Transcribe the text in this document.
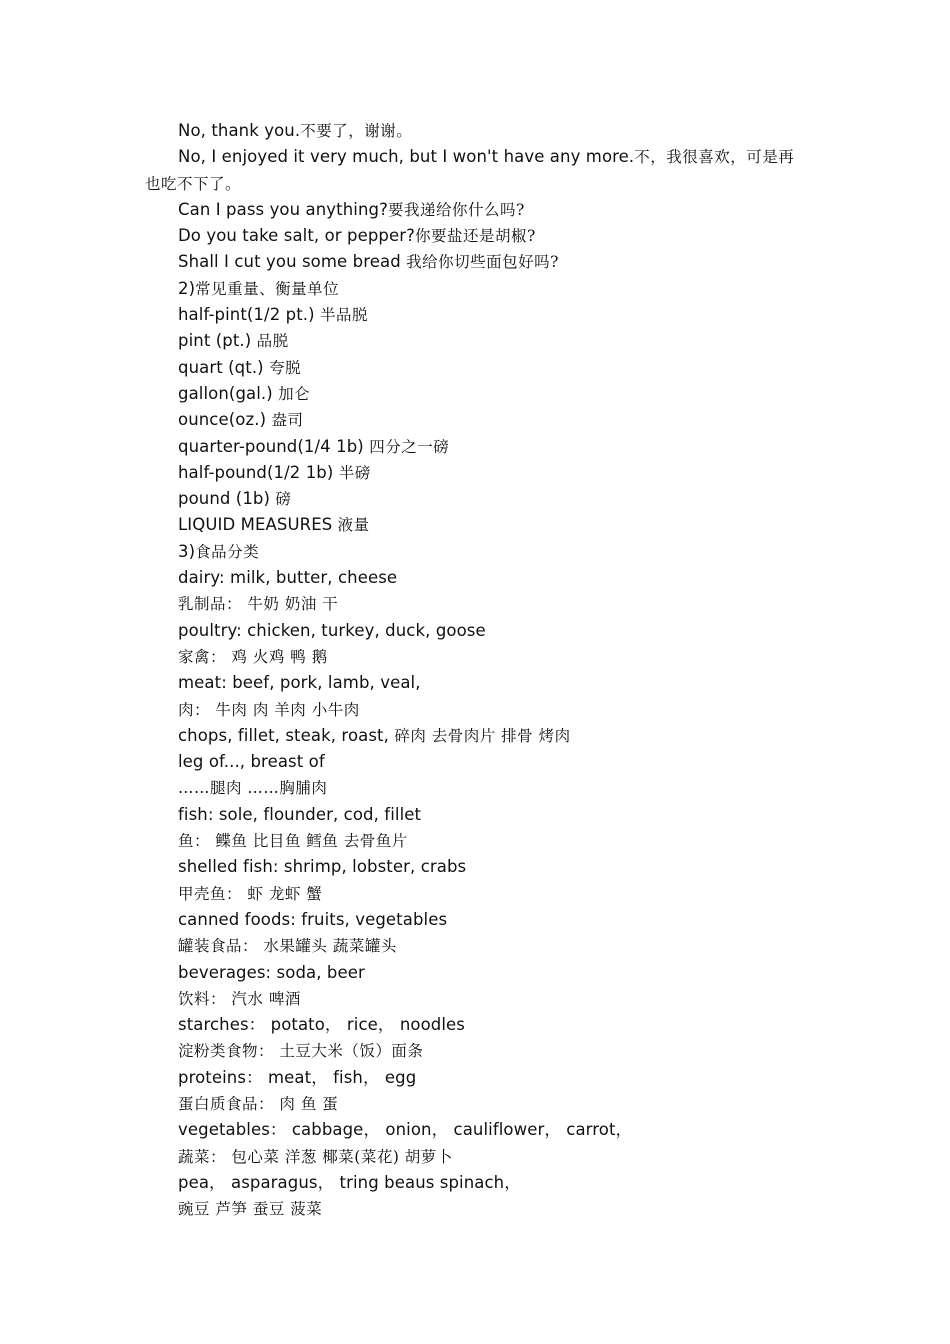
No, thank you.不要了，谢谢。
No, I enjoyed it very much, but I won't have any more.不，我很喜欢，可是再
也吃不下了。
Can I pass you anything?要我递给你什么吗?
Do you take salt, or pepper?你要盐还是胡椒?
Shall I cut you some bread 我给你切些面包好吗?
2)常见重量、衡量单位
half-pint(1/2 pt.) 半品脱
pint (pt.) 品脱
quart (qt.) 夸脱
gallon(gal.) 加仑
ounce(oz.) 盎司
quarter-pound(1/4 1b) 四分之一磅
half-pound(1/2 1b) 半磅
pound (1b) 磅
LIQUID MEASURES 液量
3)食品分类
dairy: milk, butter, cheese
乳制品： 牛奶 奶油 干
poultry: chicken, turkey, duck, goose
家禽： 鸡 火鸡 鸭 鹅
meat: beef, pork, lamb, veal,
肉： 牛肉 肉 羊肉 小牛肉
chops, fillet, steak, roast, 碎肉 去骨肉片 排骨 烤肉
leg of..., breast of
……腿肉 ……胸脯肉
fish: sole, flounder, cod, fillet
鱼： 鲽鱼 比目鱼 鳕鱼 去骨鱼片
shelled fish: shrimp, lobster, crabs
甲壳鱼： 虾 龙虾 蟹
canned foods: fruits, vegetables
罐装食品： 水果罐头 蔬菜罐头
beverages: soda, beer
饮料： 汽水 啤酒
starches： potato， rice， noodles
淀粉类食物： 土豆大米（饭）面条
proteins： meat， fish， egg
蛋白质食品： 肉 鱼 蛋
vegetables： cabbage， onion， cauliflower， carrot，
蔬菜： 包心菜 洋葱 椰菜(菜花) 胡萝卜
pea， asparagus， tring beaus spinach，
豌豆 芦笋 蚕豆 菠菜
